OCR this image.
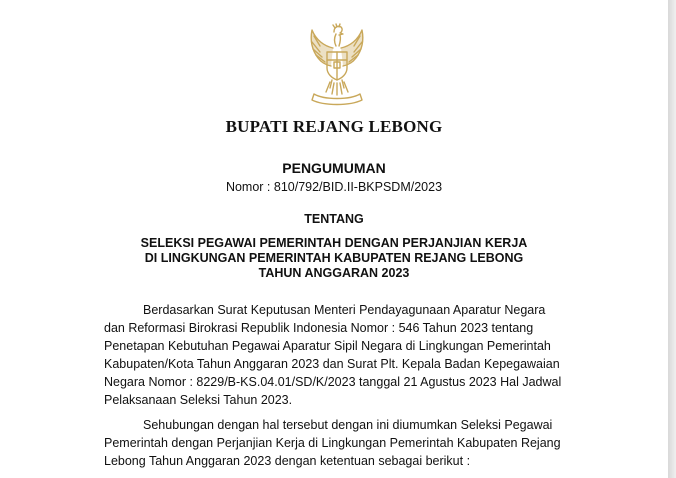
BUPATI REJANG LEBONG
PENGUMUMAN
Nomor : 810/792/BID.II-BKPSDM/2023
TENTANG
SELEKSI PEGAWAI PEMERINTAH DENGAN PERJANJIAN KERJA
DI LINGKUNGAN PEMERINTAH KABUPATEN REJANG LEBONG
TAHUN ANGGARAN 2023
Berdasarkan Surat Keputusan Menteri Pendayagunaan Aparatur Negara
dan Reformasi Birokrasi Republik Indonesia Nomor : 546 Tahun 2023 tentang
Penetapan Kebutuhan Pegawai Aparatur Sipil Negara di Lingkungan Pemerintah
Kabupaten/Kota Tahun Anggaran 2023 dan Surat Plt. Kepala Badan Kepegawaian
Negara Nomor : 8229/B-KS.04.01/SD/K/2023 tanggal 21 Agustus 2023 Hal Jadwal
Pelaksanaan Seleksi Tahun 2023.
Sehubungan dengan hal tersebut dengan ini diumumkan Seleksi Pegawai
Pemerintah dengan Perjanjian Kerja di Lingkungan Pemerintah Kabupaten Rejang
Lebong Tahun Anggaran 2023 dengan ketentuan sebagai berikut :
